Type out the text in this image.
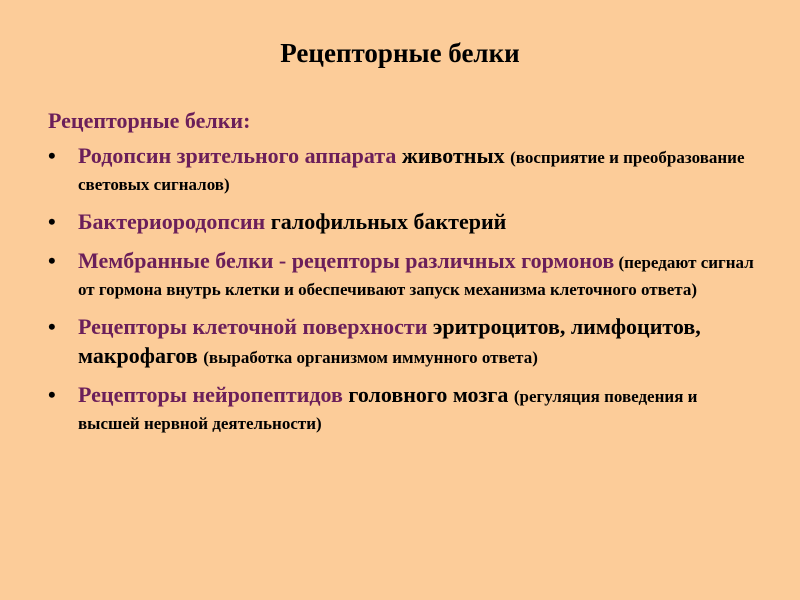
Рецепторные белки
Рецепторные белки:
• Родопсин зрительного аппарата животных (восприятие и преобразование световых сигналов)
• Бактериородопсин галофильных бактерий
• Мембранные белки - рецепторы различных гормонов (передают сигнал от гормона внутрь клетки и обеспечивают запуск механизма клеточного ответа)
• Рецепторы клеточной поверхности эритроцитов, лимфоцитов, макрофагов (выработка организмом иммунного ответа)
• Рецепторы нейропептидов головного мозга (регуляция поведения и высшей нервной деятельности)
